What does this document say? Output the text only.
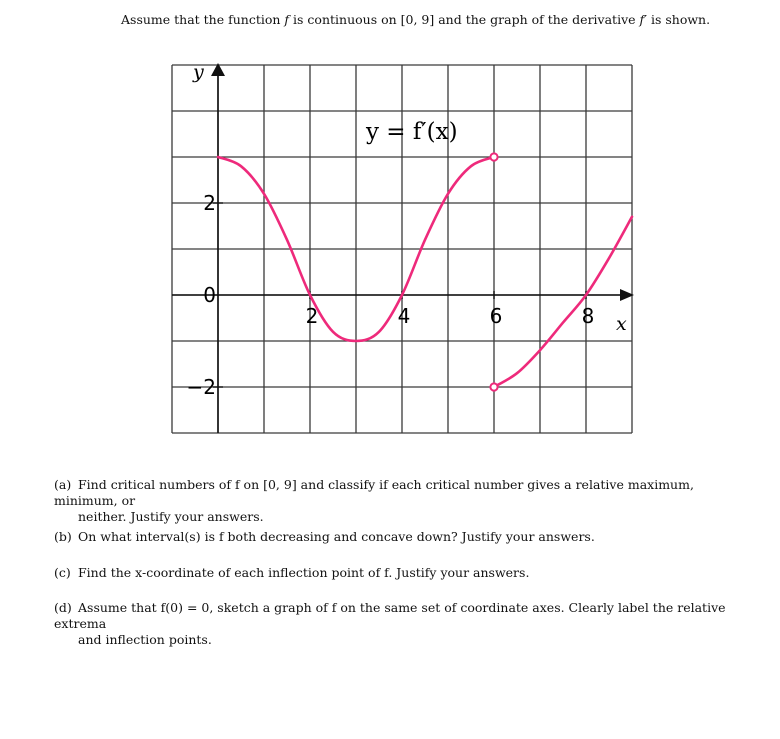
Assume that the function f is continuous on [0, 9] and the graph of the derivative f′ is shown.
2
0
−2
2	4	6	8
y
x
y = f′(x)
(a) Find critical numbers of f on [0, 9] and classify if each critical number gives a relative maximum, minimum, or
neither. Justify your answers.
(b) On what interval(s) is f both decreasing and concave down? Justify your answers.
(c) Find the x-coordinate of each inflection point of f. Justify your answers.
(d) Assume that f(0) = 0, sketch a graph of f on the same set of coordinate axes. Clearly label the relative extrema
and inflection points.
